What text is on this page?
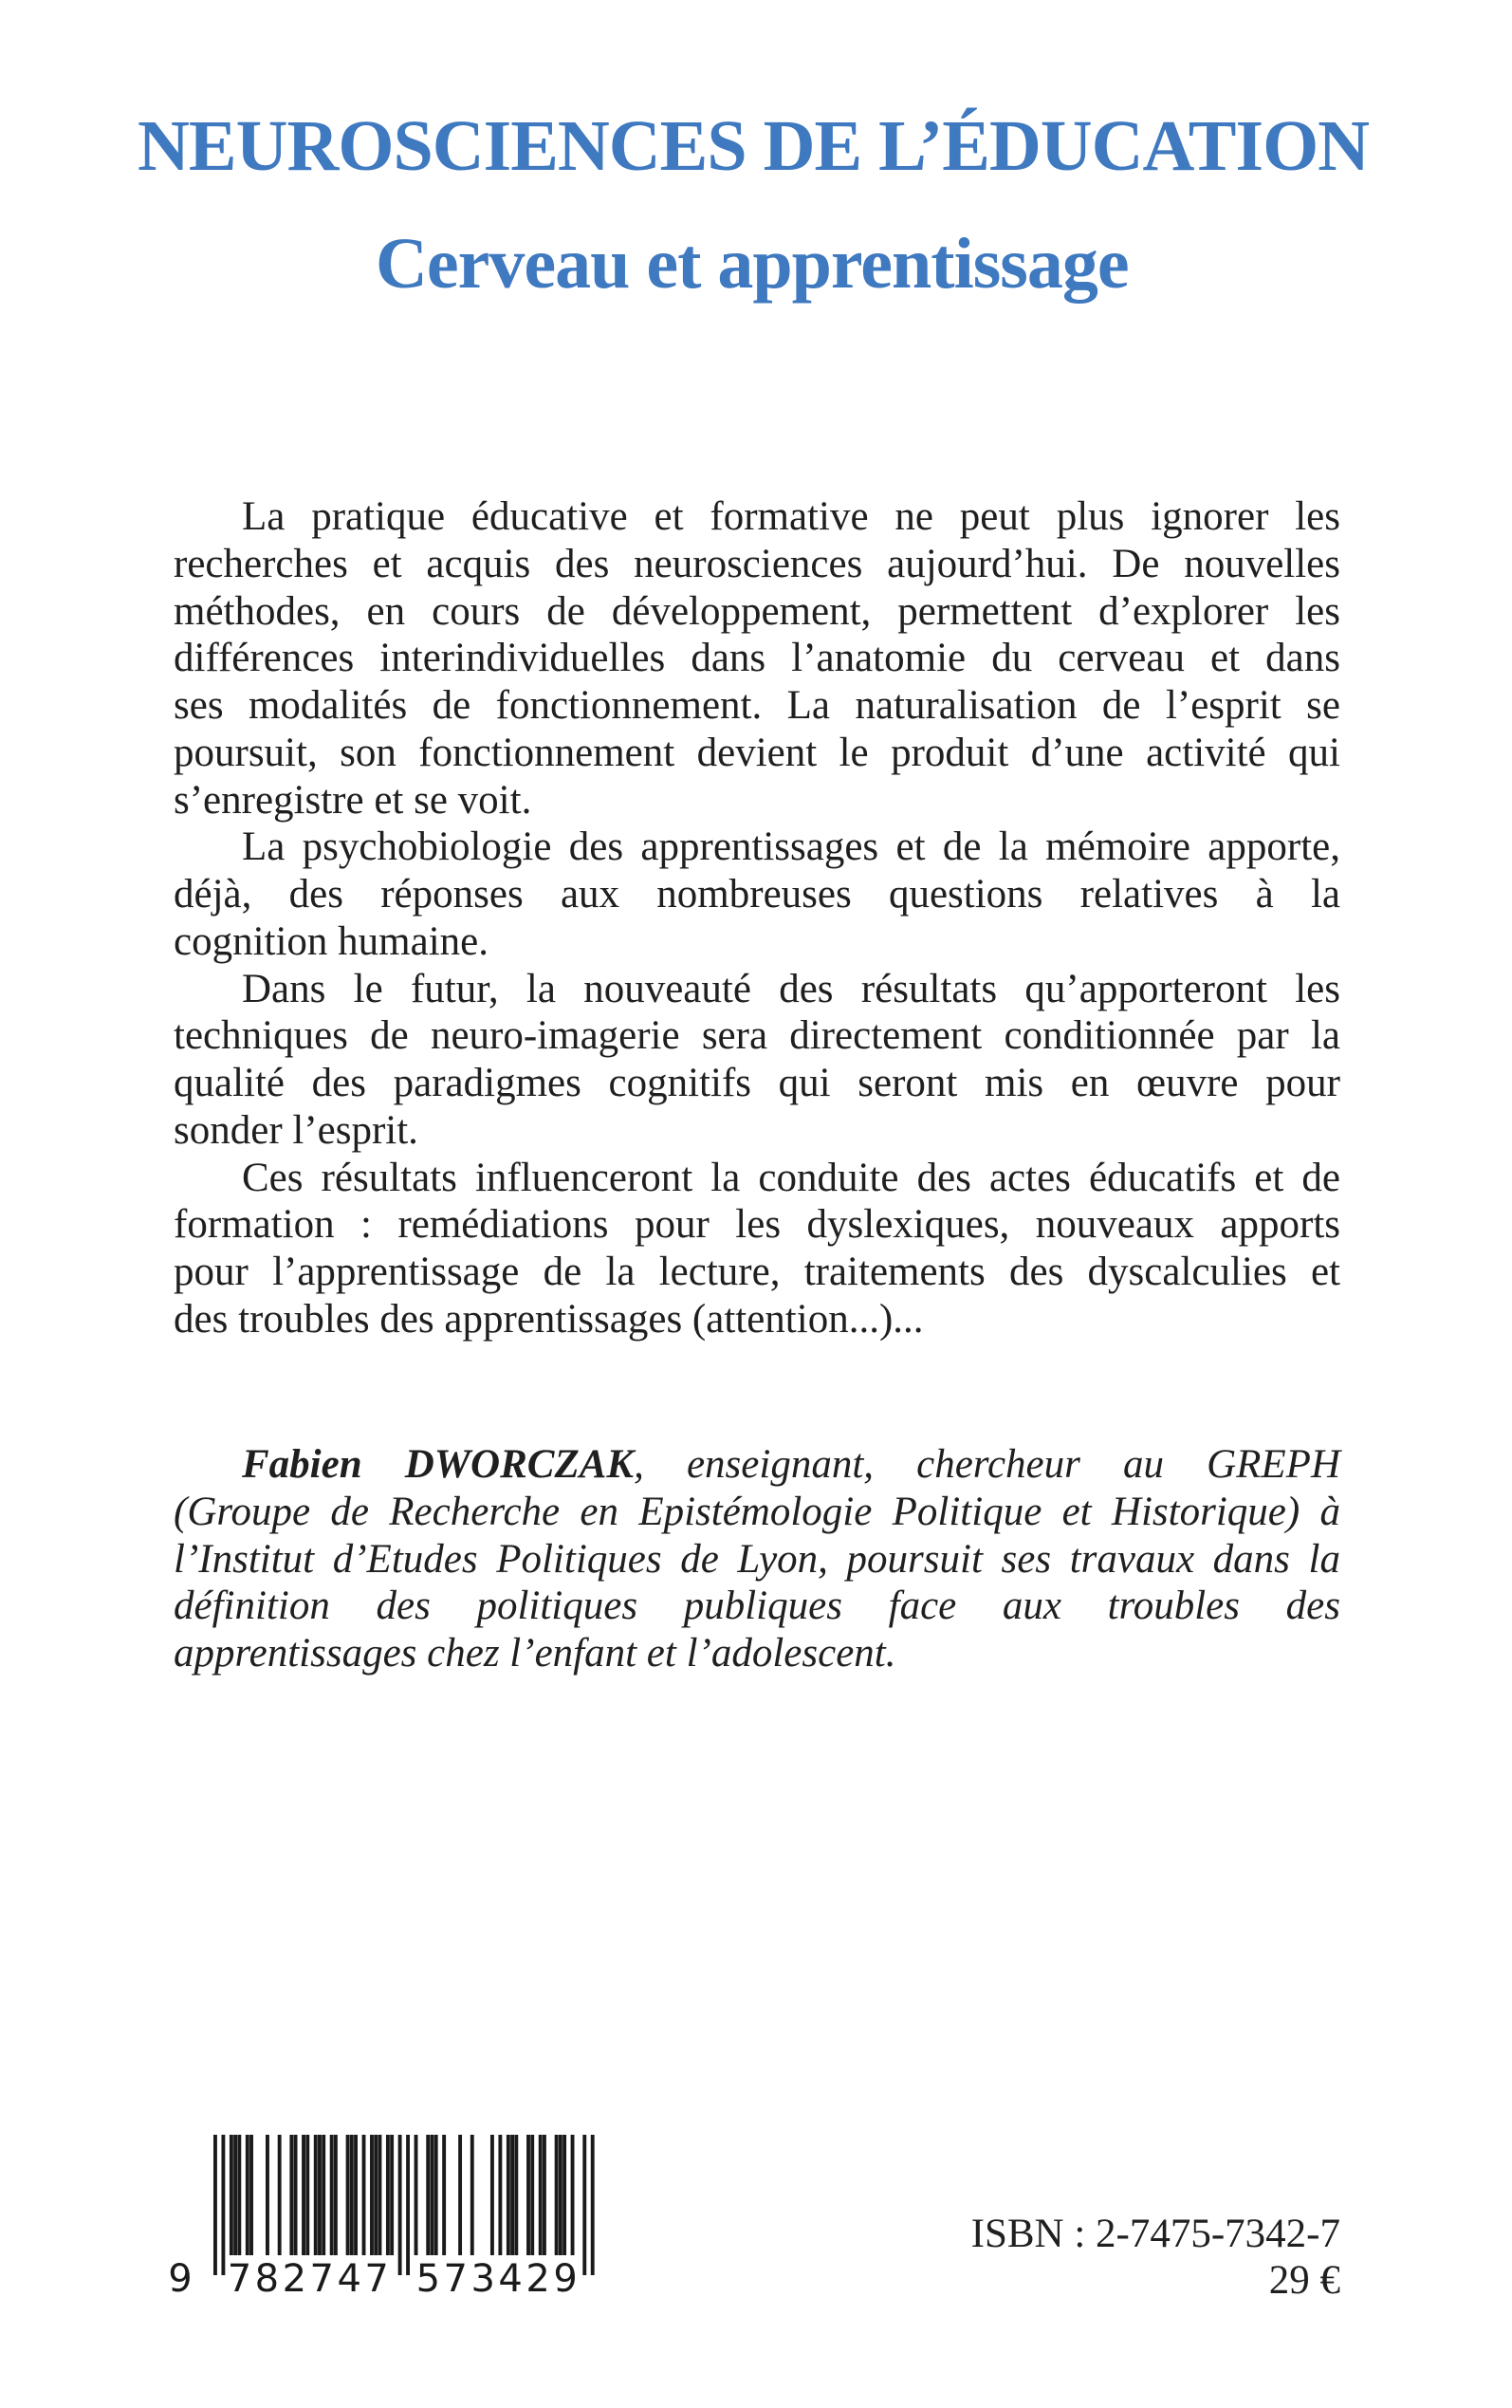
NEUROSCIENCES DE L’ÉDUCATION
Cerveau et apprentissage
La pratique éducative et formative ne peut plus ignorer les
recherches et acquis des neurosciences aujourd’hui. De nouvelles
méthodes, en cours de développement, permettent d’explorer les
différences interindividuelles dans l’anatomie du cerveau et dans
ses modalités de fonctionnement. La naturalisation de l’esprit se
poursuit, son fonctionnement devient le produit d’une activité qui
s’enregistre et se voit.
La psychobiologie des apprentissages et de la mémoire apporte,
déjà, des réponses aux nombreuses questions relatives à la
cognition humaine.
Dans le futur, la nouveauté des résultats qu’apporteront les
techniques de neuro-imagerie sera directement conditionnée par la
qualité des paradigmes cognitifs qui seront mis en œuvre pour
sonder l’esprit.
Ces résultats influenceront la conduite des actes éducatifs et de
formation : remédiations pour les dyslexiques, nouveaux apports
pour l’apprentissage de la lecture, traitements des dyscalculies et
des troubles des apprentissages (attention...)...
Fabien DWORCZAK, enseignant, chercheur au GREPH
(Groupe de Recherche en Epistémologie Politique et Historique) à
l’Institut d’Etudes Politiques de Lyon, poursuit ses travaux dans la
définition des politiques publiques face aux troubles des
apprentissages chez l’enfant et l’adolescent.
9 782747 573429
ISBN : 2-7475-7342-7
29 €
